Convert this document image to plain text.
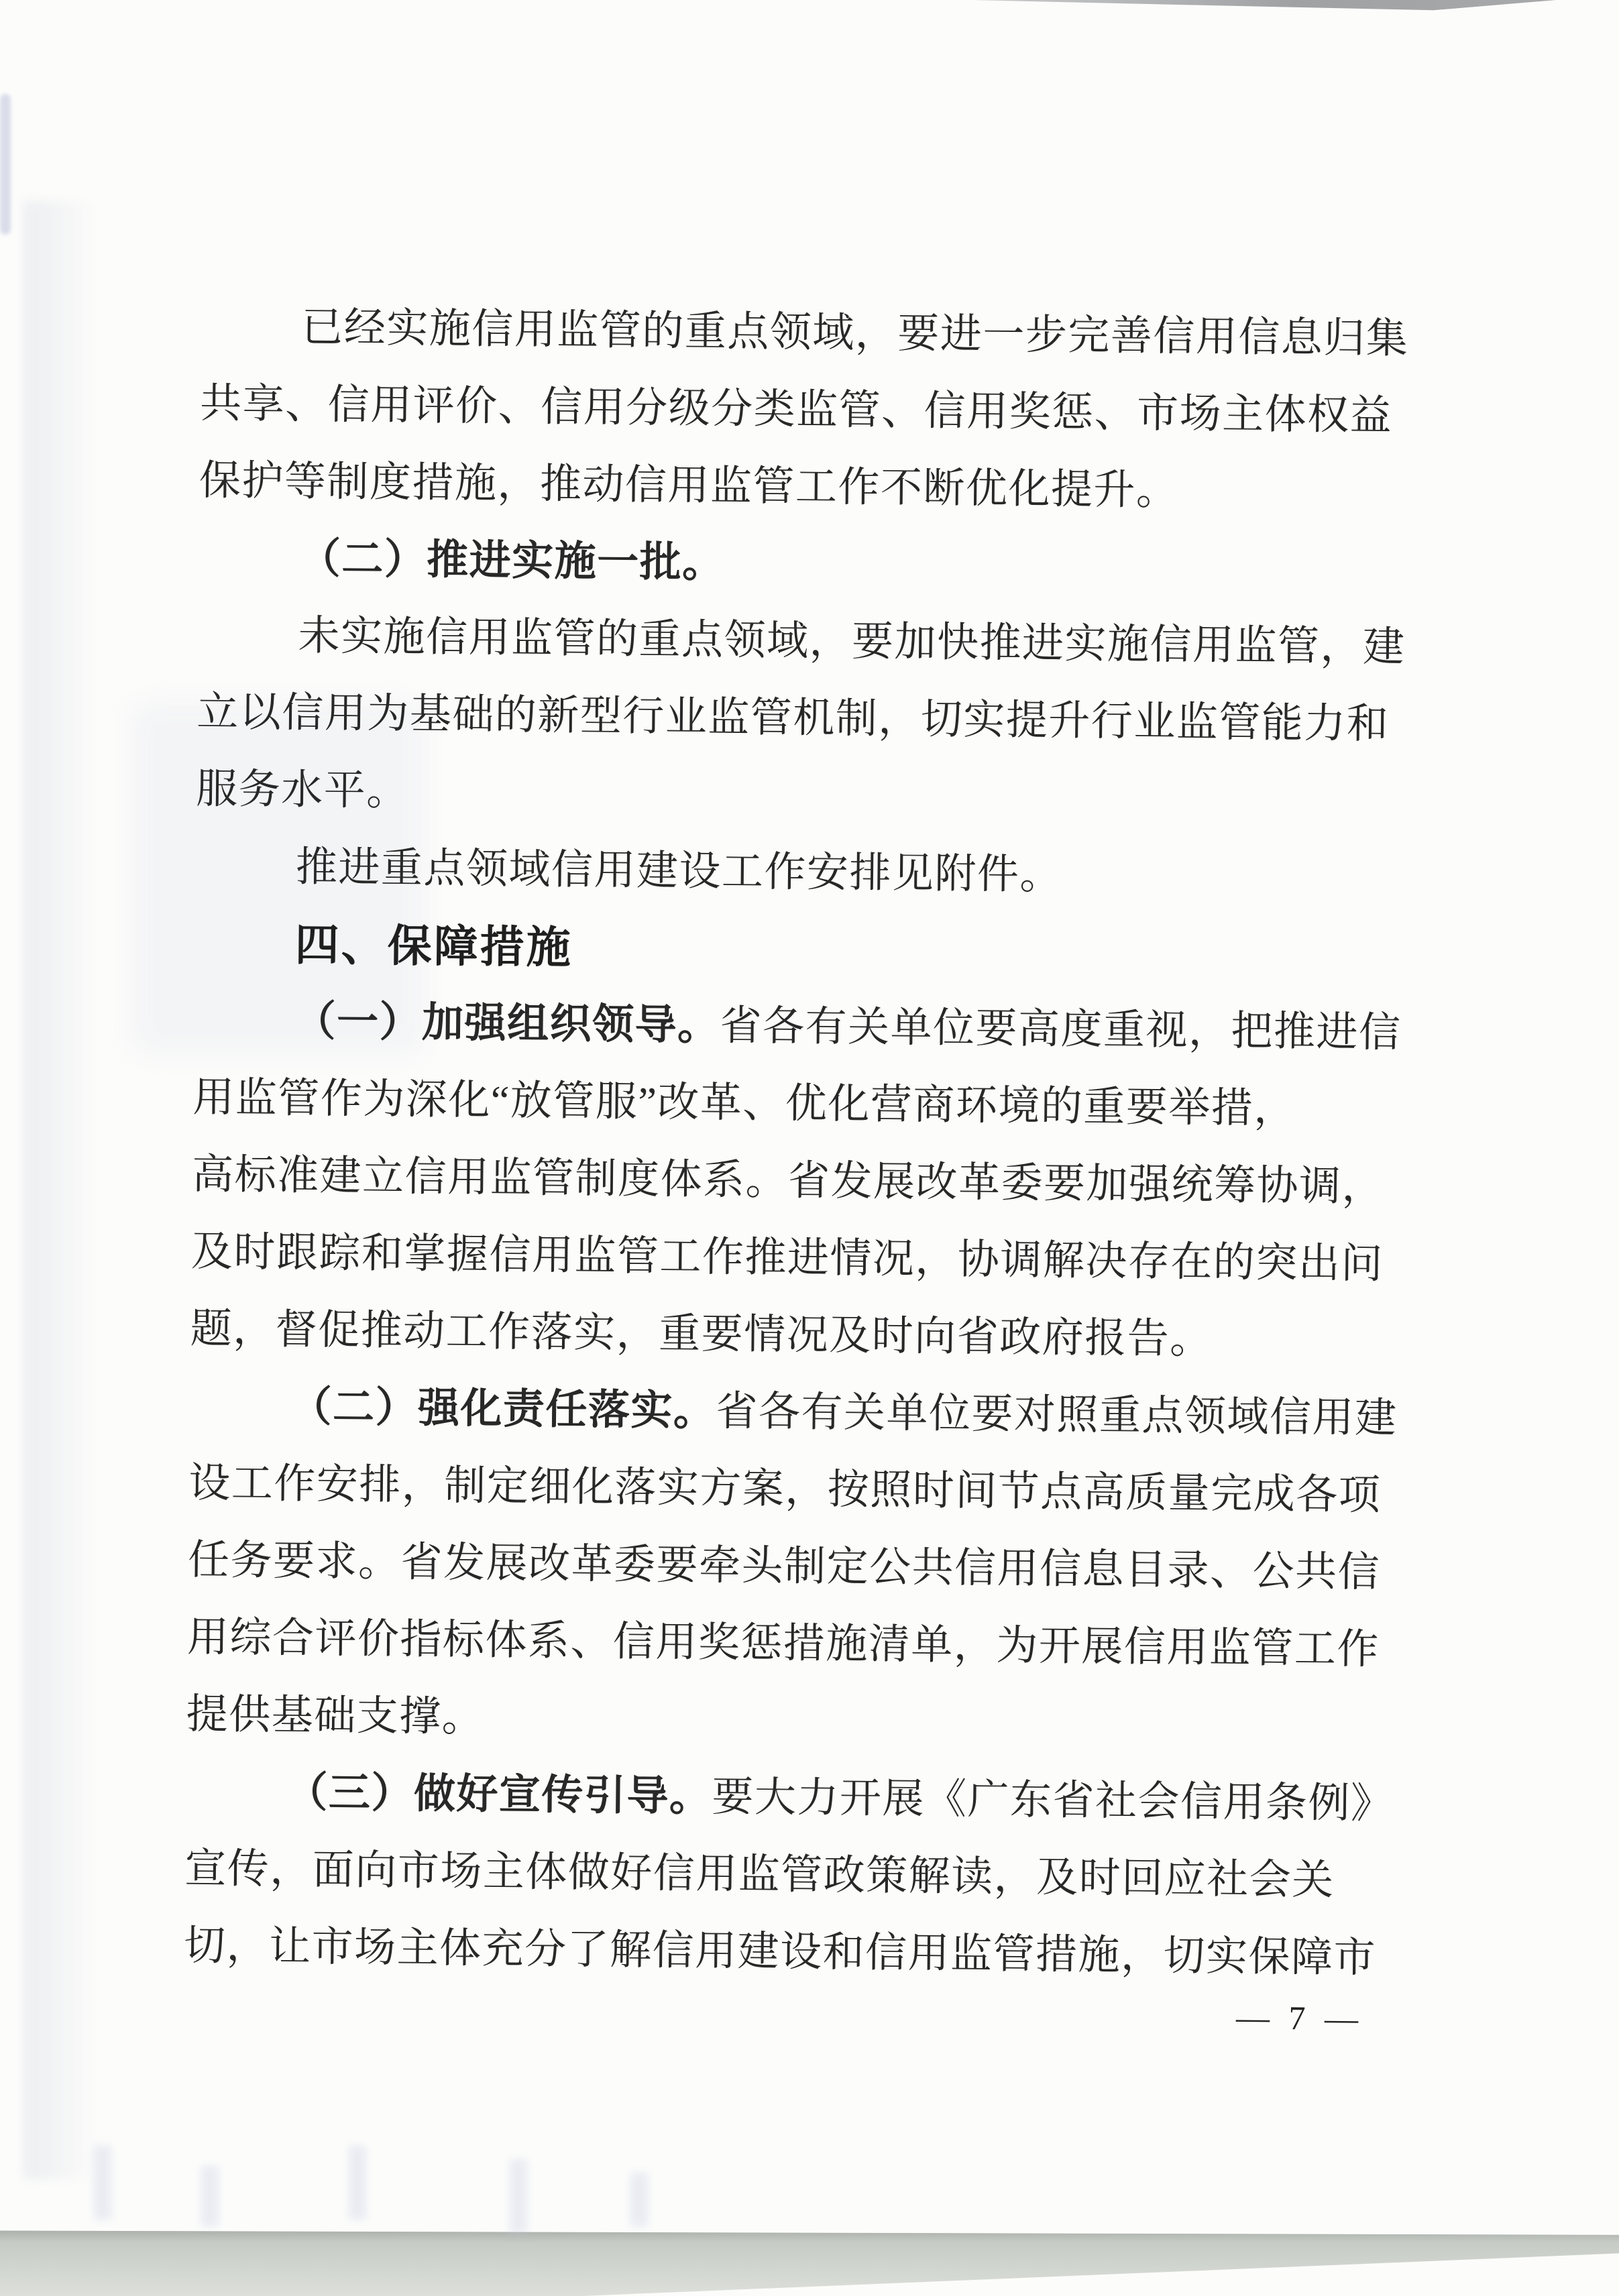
已经实施信用监管的重点领域，要进一步完善信用信息归集
共享、信用评价、信用分级分类监管、信用奖惩、市场主体权益
保护等制度措施，推动信用监管工作不断优化提升。
（二）推进实施一批。
未实施信用监管的重点领域，要加快推进实施信用监管，建
立以信用为基础的新型行业监管机制，切实提升行业监管能力和
服务水平。
推进重点领域信用建设工作安排见附件。
四、保障措施
（一）加强组织领导。省各有关单位要高度重视，把推进信
用监管作为深化“放管服”改革、优化营商环境的重要举措，
高标准建立信用监管制度体系。省发展改革委要加强统筹协调，
及时跟踪和掌握信用监管工作推进情况，协调解决存在的突出问
题，督促推动工作落实，重要情况及时向省政府报告。
（二）强化责任落实。省各有关单位要对照重点领域信用建
设工作安排，制定细化落实方案，按照时间节点高质量完成各项
任务要求。省发展改革委要牵头制定公共信用信息目录、公共信
用综合评价指标体系、信用奖惩措施清单，为开展信用监管工作
提供基础支撑。
（三）做好宣传引导。要大力开展《广东省社会信用条例》
宣传，面向市场主体做好信用监管政策解读，及时回应社会关
切，让市场主体充分了解信用建设和信用监管措施，切实保障市
— 7 —
